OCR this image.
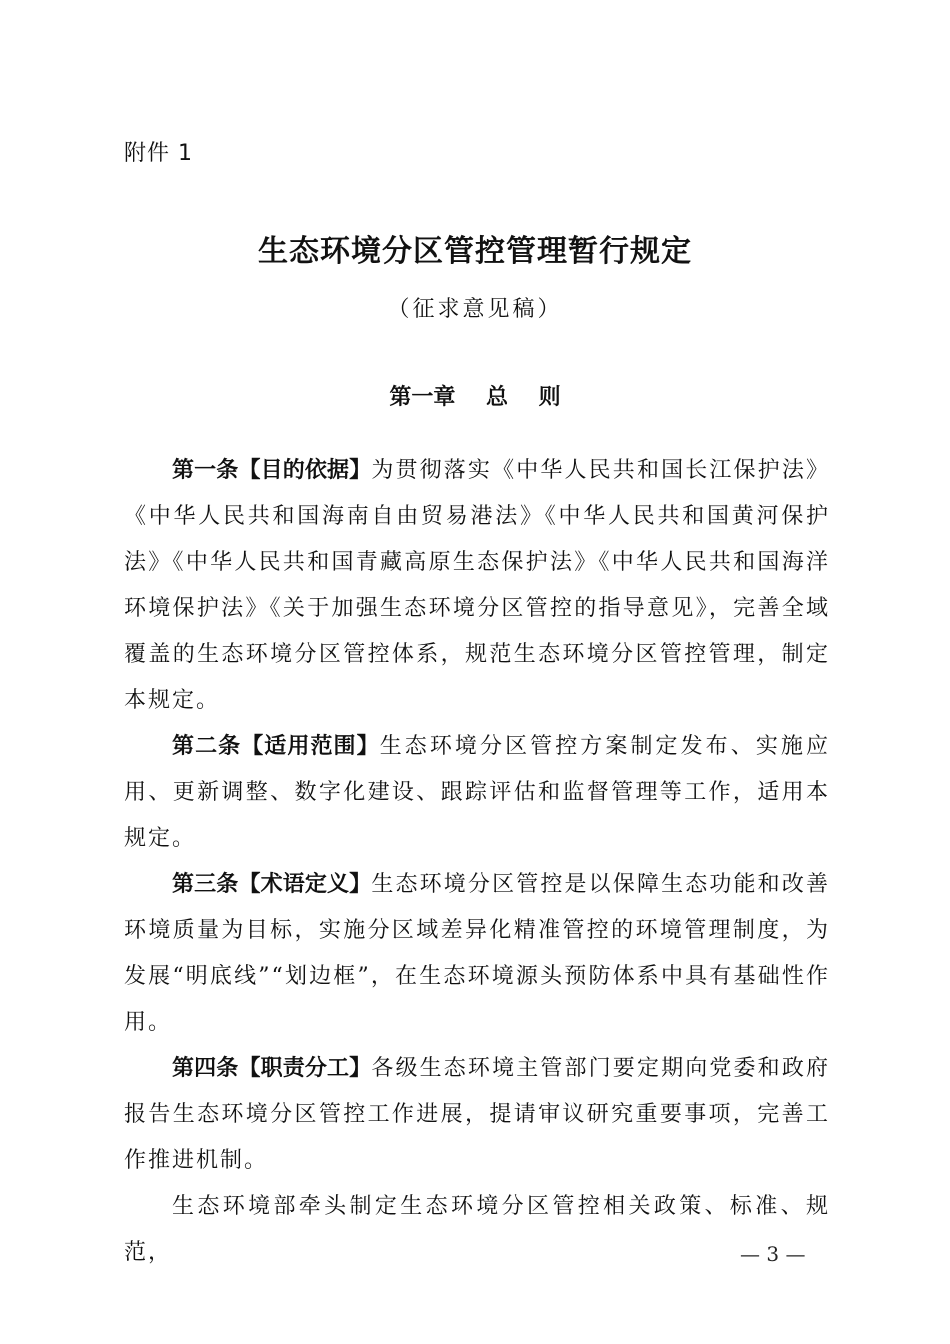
附件 1
生态环境分区管控管理暂行规定
（征求意见稿）
第一章    总    则

第一条【目的依据】为贯彻落实《中华人民共和国长江保护法》《中华人民共和国海南自由贸易港法》《中华人民共和国黄河保护法》《中华人民共和国青藏高原生态保护法》《中华人民共和国海洋环境保护法》《关于加强生态环境分区管控的指导意见》，完善全域覆盖的生态环境分区管控体系，规范生态环境分区管控管理，制定本规定。

第二条【适用范围】生态环境分区管控方案制定发布、实施应用、更新调整、数字化建设、跟踪评估和监督管理等工作，适用本规定。

第三条【术语定义】生态环境分区管控是以保障生态功能和改善环境质量为目标，实施分区域差异化精准管控的环境管理制度，为发展“明底线”“划边框”，在生态环境源头预防体系中具有基础性作用。

第四条【职责分工】各级生态环境主管部门要定期向党委和政府报告生态环境分区管控工作进展，提请审议研究重要事项，完善工作推进机制。

生态环境部牵头制定生态环境分区管控相关政策、标准、规范，	— 3 —
